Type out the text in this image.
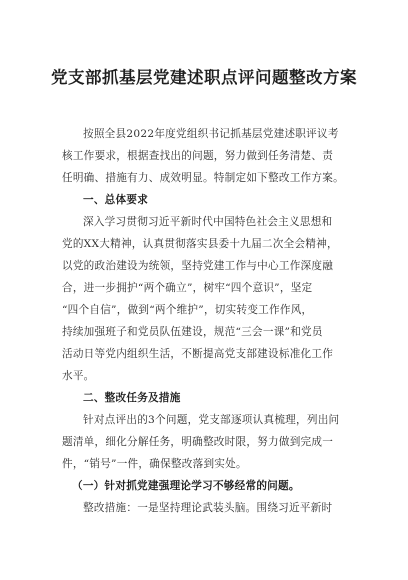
党支部抓基层党建述职点评问题整改方案
按照全县2022年度党组织书记抓基层党建述职评议考
核工作要求，根据查找出的问题，努力做到任务清楚、责
任明确、措施有力、成效明显。特制定如下整改工作方案。
一、总体要求
深入学习贯彻习近平新时代中国特色社会主义思想和
党的XX大精神，认真贯彻落实县委十九届二次全会精神，
以党的政治建设为统领，坚持党建工作与中心工作深度融
合，进一步拥护“两个确立”，树牢“四个意识”，坚定
“四个自信”，做到“两个维护”，切实转变工作作风，
持续加强班子和党员队伍建设，规范“三会一课”和党员
活动日等党内组织生活，不断提高党支部建设标准化工作
水平。
二、整改任务及措施
针对点评出的3个问题，党支部逐项认真梳理，列出问
题清单，细化分解任务，明确整改时限，努力做到完成一
件，“销号”一件，确保整改落到实处。
（一）针对抓党建强理论学习不够经常的问题。
整改措施：一是坚持理论武装头脑。围绕习近平新时
